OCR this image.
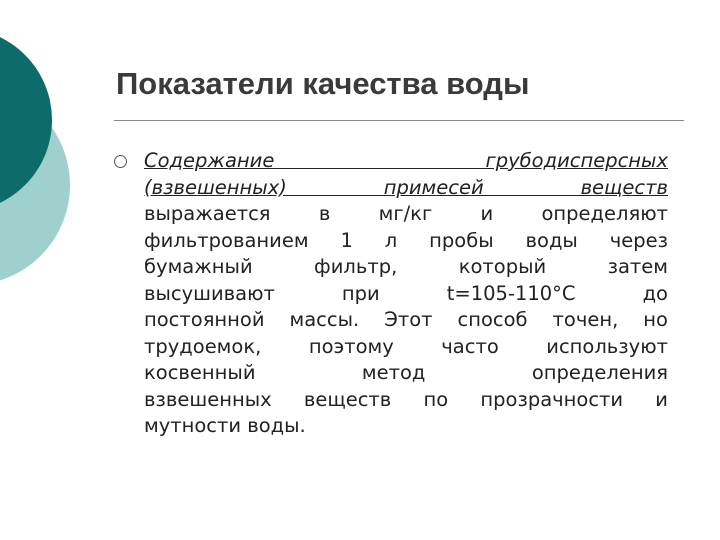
Показатели качества воды
Содержание грубодисперсных
(взвешенных) примесей веществ
выражается в мг/кг и определяют
фильтрованием 1 л пробы воды через
бумажный фильтр, который затем
высушивают при t=105-110°С до
постоянной массы. Этот способ точен, но
трудоемок, поэтому часто используют
косвенный метод определения
взвешенных веществ по прозрачности и
мутности воды.
